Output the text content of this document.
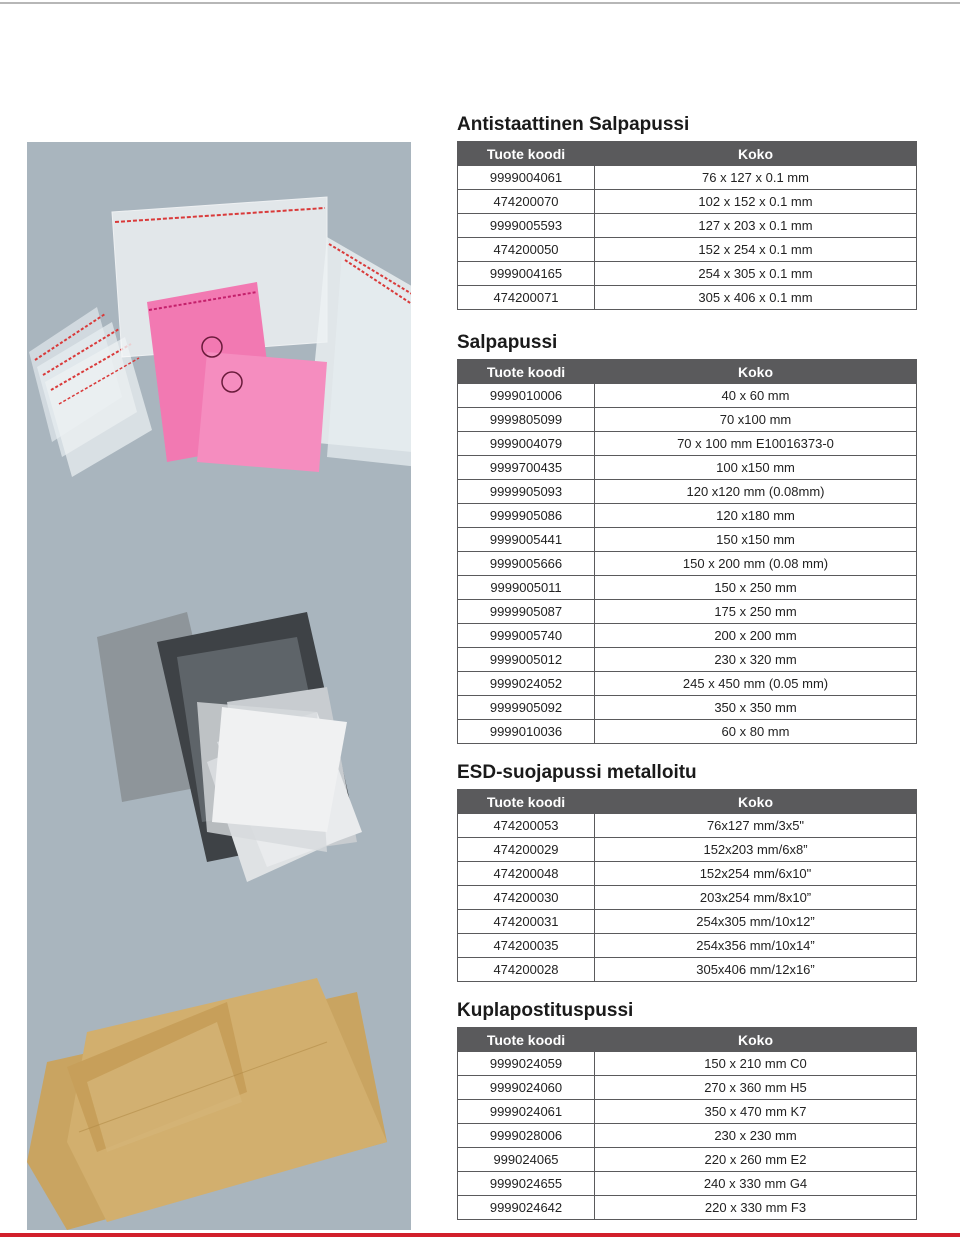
Antistaattinen Salpapussi
Tuote koodi	Koko
9999004061	76 x 127 x 0.1 mm
474200070	102 x 152 x 0.1 mm
9999005593	127 x 203 x 0.1 mm
474200050	152 x 254 x 0.1 mm
9999004165	254 x 305 x 0.1 mm
474200071	305 x 406 x 0.1 mm
Salpapussi
Tuote koodi	Koko
9999010006	40 x 60 mm
9999805099	70 x100 mm
9999004079	70 x 100 mm E10016373-0
9999700435	100 x150 mm
9999905093	120 x120 mm (0.08mm)
9999905086	120 x180 mm
9999005441	150 x150 mm
9999005666	150 x 200 mm (0.08 mm)
9999005011	150 x 250 mm
9999905087	175 x 250 mm
9999005740	200 x 200 mm
9999005012	230 x 320 mm
9999024052	245 x 450 mm (0.05 mm)
9999905092	350 x 350 mm
9999010036	60 x 80 mm
ESD-suojapussi metalloitu
Tuote koodi	Koko
474200053	76x127 mm/3x5"
474200029	152x203 mm/6x8”
474200048	152x254 mm/6x10"
474200030	203x254 mm/8x10”
474200031	254x305 mm/10x12”
474200035	254x356 mm/10x14”
474200028	305x406 mm/12x16”
Kuplapostituspussi
Tuote koodi	Koko
9999024059	150 x 210 mm C0
9999024060	270 x 360 mm H5
9999024061	350 x 470 mm K7
9999028006	230 x 230 mm
999024065	220 x 260 mm E2
9999024655	240 x 330 mm G4
9999024642	220 x 330 mm F3
